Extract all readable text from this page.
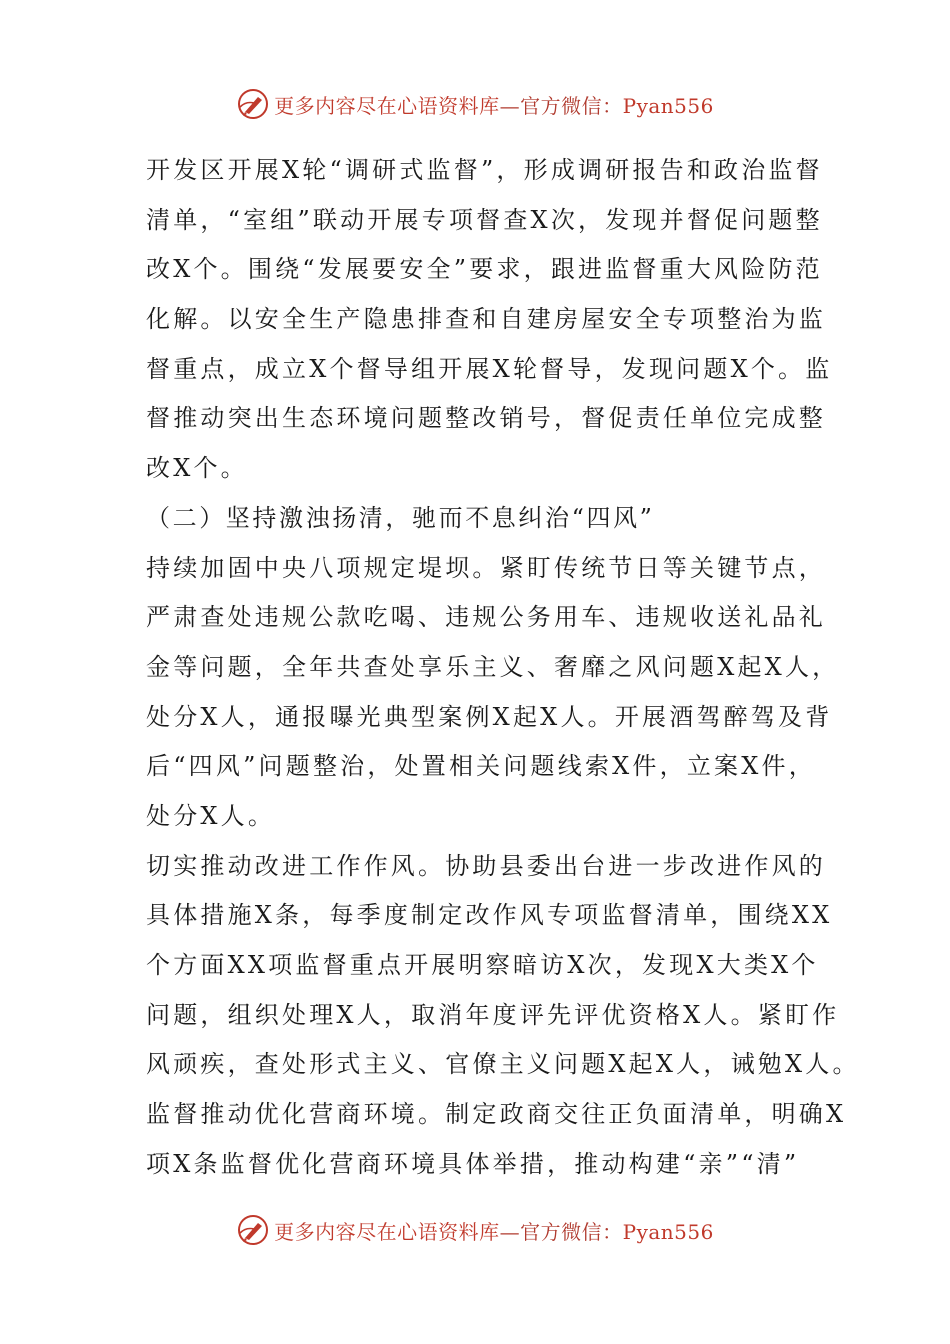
更多内容尽在心语资料库—官方微信：Pyan556
开发区开展X轮“调研式监督”，形成调研报告和政治监督
清单，“室组”联动开展专项督查X次，发现并督促问题整
改X个。围绕“发展要安全”要求，跟进监督重大风险防范
化解。以安全生产隐患排查和自建房屋安全专项整治为监
督重点，成立X个督导组开展X轮督导，发现问题X个。监
督推动突出生态环境问题整改销号，督促责任单位完成整
改X个。
（二）坚持激浊扬清，驰而不息纠治“四风”
持续加固中央八项规定堤坝。紧盯传统节日等关键节点，
严肃查处违规公款吃喝、违规公务用车、违规收送礼品礼
金等问题，全年共查处享乐主义、奢靡之风问题X起X人，
处分X人，通报曝光典型案例X起X人。开展酒驾醉驾及背
后“四风”问题整治，处置相关问题线索X件，立案X件，
处分X人。
切实推动改进工作作风。协助县委出台进一步改进作风的
具体措施X条，每季度制定改作风专项监督清单，围绕XX
个方面XX项监督重点开展明察暗访X次，发现X大类X个
问题，组织处理X人，取消年度评先评优资格X人。紧盯作
风顽疾，查处形式主义、官僚主义问题X起X人，诫勉X人。
监督推动优化营商环境。制定政商交往正负面清单，明确X
项X条监督优化营商环境具体举措，推动构建“亲”“清”
更多内容尽在心语资料库—官方微信：Pyan556
